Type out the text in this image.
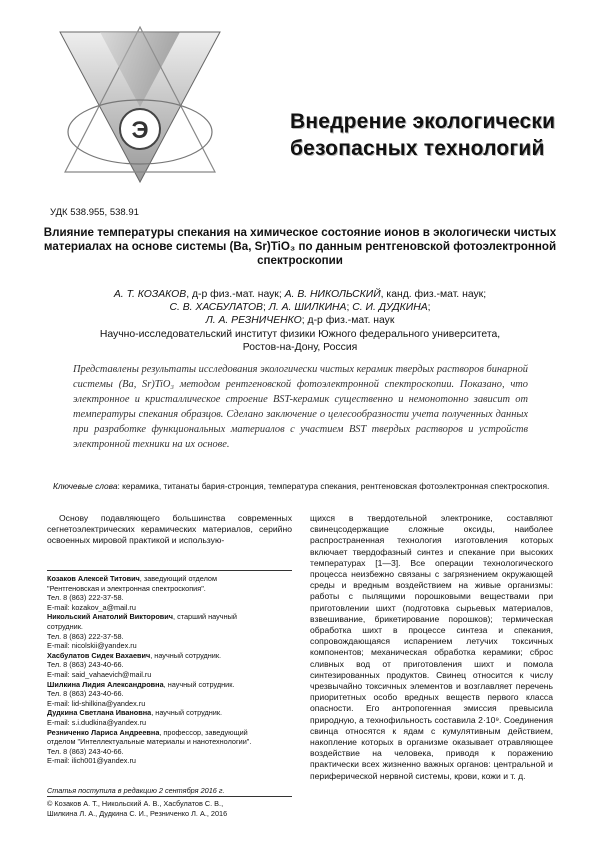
Э	Внедрение экологически безопасных технологий
УДК 538.955, 538.91
Влияние температуры спекания на химическое состояние ионов в экологически чистых материалах на основе системы (Ba, Sr)TiO₃ по данным рентгеновской фотоэлектронной спектроскопии
А. Т. КОЗАКОВ, д-р физ.-мат. наук; А. В. НИКОЛЬСКИЙ, канд. физ.-мат. наук;
С. В. ХАСБУЛАТОВ; Л. А. ШИЛКИНА; С. И. ДУДКИНА;
Л. А. РЕЗНИЧЕНКО; д-р физ.-мат. наук
Научно-исследовательский институт физики Южного федерального университета,
Ростов-на-Дону, Россия
Представлены результаты исследования экологически чистых керамик твердых растворов бинарной системы (Ba, Sr)TiO₃ методом рентгеновской фотоэлектронной спектроскопии. Показано, что электронное и кристаллическое строение BST-керамик существенно и немонотонно зависит от температуры спекания образцов. Сделано заключение о целесообразности учета полученных данных при разработке функциональных материалов с участием BST твердых растворов и устройств электронной техники на их основе.
Ключевые слова: керамика, титанаты бария-стронция, температура спекания, рентгеновская фотоэлектронная спектроскопия.

Основу подавляющего большинства современных сегнетоэлектрических керамических материалов, серийно освоенных мировой практикой и использую-

щихся в твердотельной электронике, составляют свинецсодержащие сложные оксиды, наиболее распространенная технология изготовления которых включает твердофазный синтез и спекание при высоких температурах [1—3]. Все операции технологического процесса неизбежно связаны с загрязнением окружающей среды и вредным воздействием на живые организмы: работы с пылящими порошковыми веществами при приготовлении шихт (подготовка сырьевых материалов, взвешивание, брикетирование порошков); термическая обработка шихт в процессе синтеза и спекания, сопровождающаяся испарением летучих токсичных компонентов; механическая обработка керамики; сброс сливных вод от приготовления шихт и помола синтезированных продуктов. Свинец относится к числу чрезвычайно токсичных элементов и возглавляет перечень приоритетных особо вредных веществ первого класса опасности. Его антропогенная эмиссия превысила природную, а технофильность составила 2·10⁹. Соединения свинца относятся к ядам с кумулятивным действием, накопление которых в организме оказывает отравляющее воздействие на человека, приводя к поражению практически всех жизненно важных органов: центральной и периферической нервной системы, крови, кожи и т. д.

Козаков Алексей Титович, заведующий отделом
"Рентгеновская и электронная спектроскопия".
Тел. 8 (863) 222-37-58.
E-mail: kozakov_a@mail.ru
Никольский Анатолий Викторович, старший научный
сотрудник.
Тел. 8 (863) 222-37-58.
E-mail: nicolskii@yandex.ru
Хасбулатов Сидек Вахаевич, научный сотрудник.
Тел. 8 (863) 243-40-66.
E-mail: said_vahaevich@mail.ru
Шилкина Лидия Александровна, научный сотрудник.
Тел. 8 (863) 243-40-66.
E-mail: lid-shilkina@yandex.ru
Дудкина Светлана Ивановна, научный сотрудник.
E-mail: s.i.dudkina@yandex.ru
Резниченко Лариса Андреевна, профессор, заведующий
отделом "Интеллектуальные материалы и нанотехнологии".
Тел. 8 (863) 243-40-66.
E-mail: ilich001@yandex.ru
Статья поступила в редакцию 2 сентября 2016 г.
© Козаков А. Т., Никольский А. В., Хасбулатов С. В.,
Шилкина Л. А., Дудкина С. И., Резниченко Л. А., 2016
